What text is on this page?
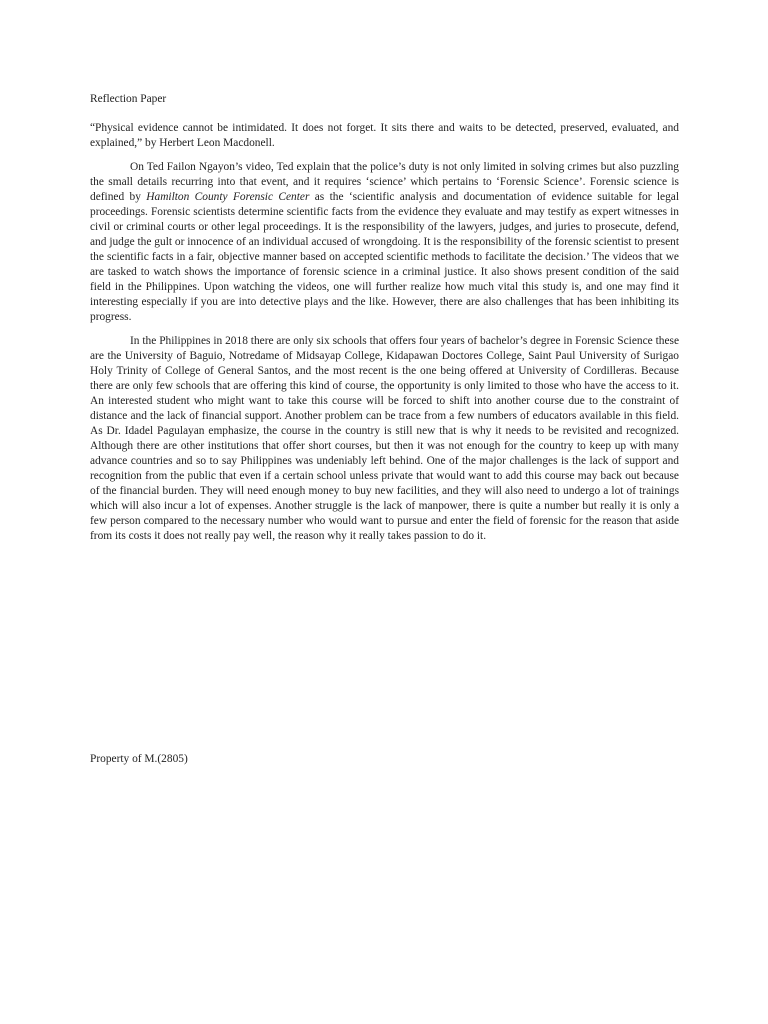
Reflection Paper

“Physical evidence cannot be intimidated. It does not forget. It sits there and waits to be detected, preserved, evaluated, and explained,” by Herbert Leon Macdonell.

On Ted Failon Ngayon’s video, Ted explain that the police’s duty is not only limited in solving crimes but also puzzling the small details recurring into that event, and it requires ‘science’ which pertains to ‘Forensic Science’. Forensic science is defined by Hamilton County Forensic Center as the ‘scientific analysis and documentation of evidence suitable for legal proceedings. Forensic scientists determine scientific facts from the evidence they evaluate and may testify as expert witnesses in civil or criminal courts or other legal proceedings. It is the responsibility of the lawyers, judges, and juries to prosecute, defend, and judge the gult or innocence of an individual accused of wrongdoing. It is the responsibility of the forensic scientist to present the scientific facts in a fair, objective manner based on accepted scientific methods to facilitate the decision.’ The videos that we are tasked to watch shows the importance of forensic science in a criminal justice. It also shows present condition of the said field in the Philippines. Upon watching the videos, one will further realize how much vital this study is, and one may find it interesting especially if you are into detective plays and the like. However, there are also challenges that has been inhibiting its progress.

In the Philippines in 2018 there are only six schools that offers four years of bachelor’s degree in Forensic Science these are the University of Baguio, Notredame of Midsayap College, Kidapawan Doctores College, Saint Paul University of Surigao Holy Trinity of College of General Santos, and the most recent is the one being offered at University of Cordilleras. Because there are only few schools that are offering this kind of course, the opportunity is only limited to those who have the access to it. An interested student who might want to take this course will be forced to shift into another course due to the constraint of distance and the lack of financial support. Another problem can be trace from a few numbers of educators available in this field. As Dr. Idadel Pagulayan emphasize, the course in the country is still new that is why it needs to be revisited and recognized. Although there are other institutions that offer short courses, but then it was not enough for the country to keep up with many advance countries and so to say Philippines was undeniably left behind. One of the major challenges is the lack of support and recognition from the public that even if a certain school unless private that would want to add this course may back out because of the financial burden. They will need enough money to buy new facilities, and they will also need to undergo a lot of trainings which will also incur a lot of expenses. Another struggle is the lack of manpower, there is quite a number but really it is only a few person compared to the necessary number who would want to pursue and enter the field of forensic for the reason that aside from its costs it does not really pay well, the reason why it really takes passion to do it.

Property of M.(2805)
